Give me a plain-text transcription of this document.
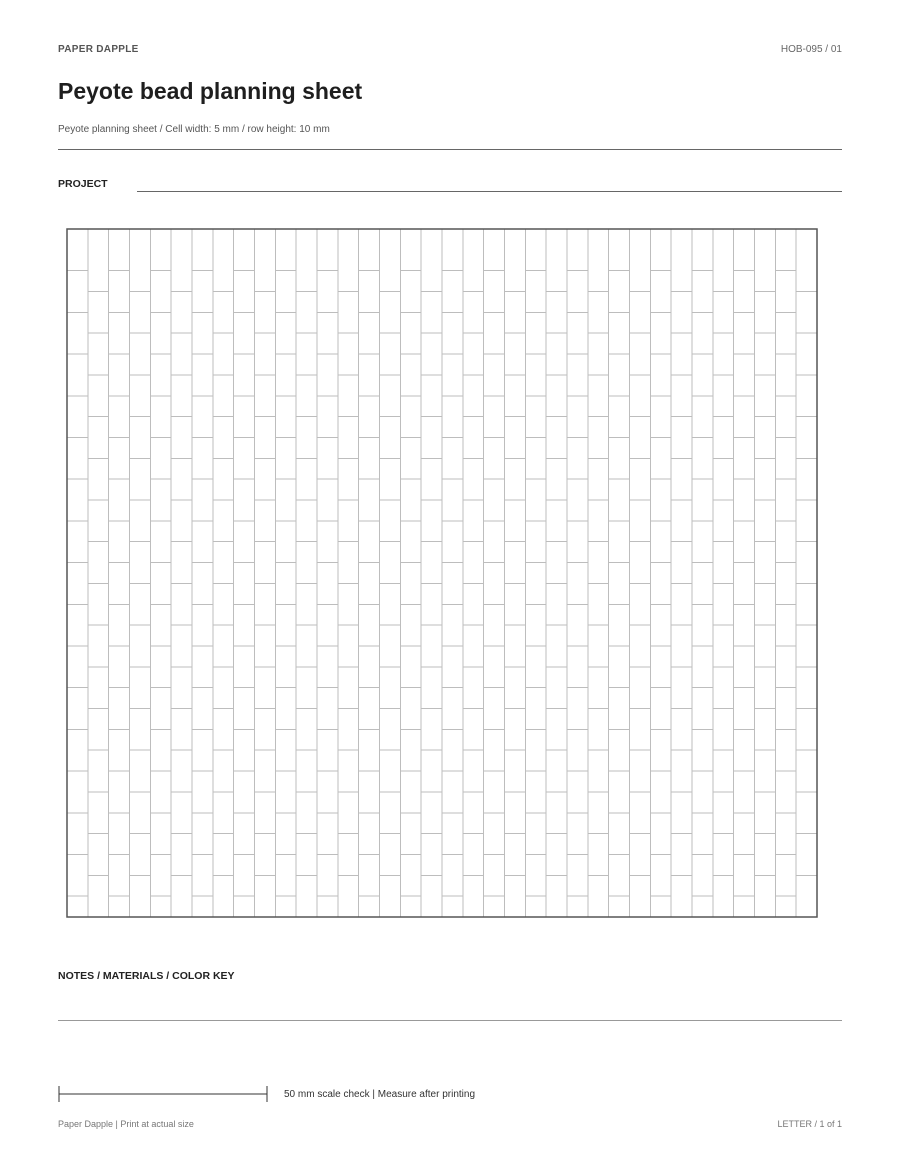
PAPER DAPPLE	HOB-095 / 01
Peyote bead planning sheet
Peyote planning sheet / Cell width: 5 mm / row height: 10 mm
PROJECT
NOTES / MATERIALS / COLOR KEY
50 mm scale check | Measure after printing
Paper Dapple | Print at actual size	LETTER / 1 of 1
